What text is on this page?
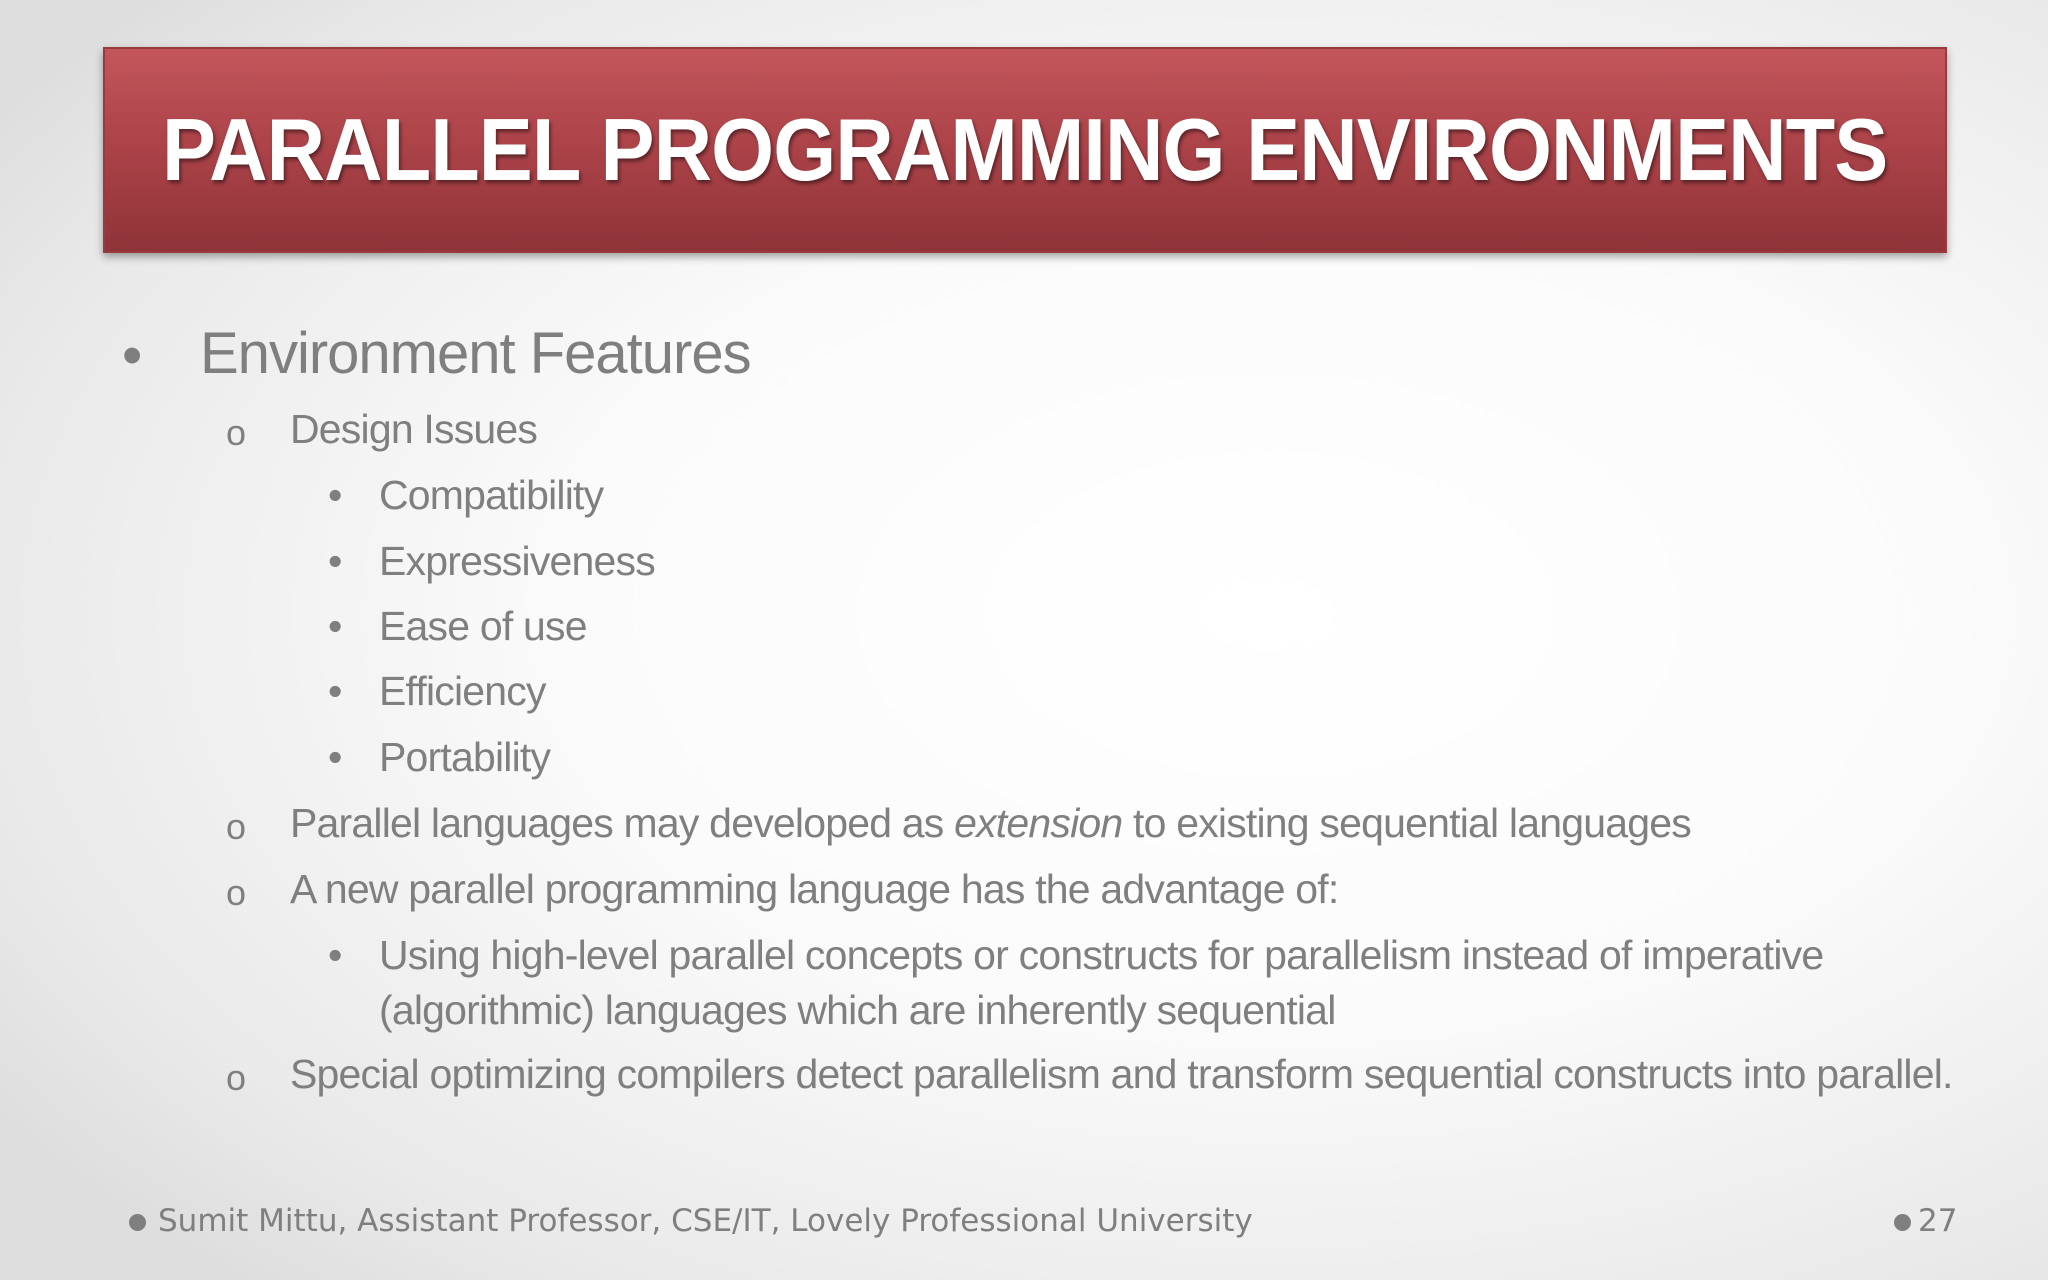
PARALLEL PROGRAMMING ENVIRONMENTS
• Environment Features
o Design Issues
• Compatibility
• Expressiveness
• Ease of use
• Efficiency
• Portability
o Parallel languages may developed as extension to existing sequential languages
o A new parallel programming language has the advantage of:
• Using high-level parallel concepts or constructs for parallelism instead of imperative
(algorithmic) languages which are inherently sequential
o Special optimizing compilers detect parallelism and transform sequential constructs into parallel.
Sumit Mittu, Assistant Professor, CSE/IT, Lovely Professional University	27
